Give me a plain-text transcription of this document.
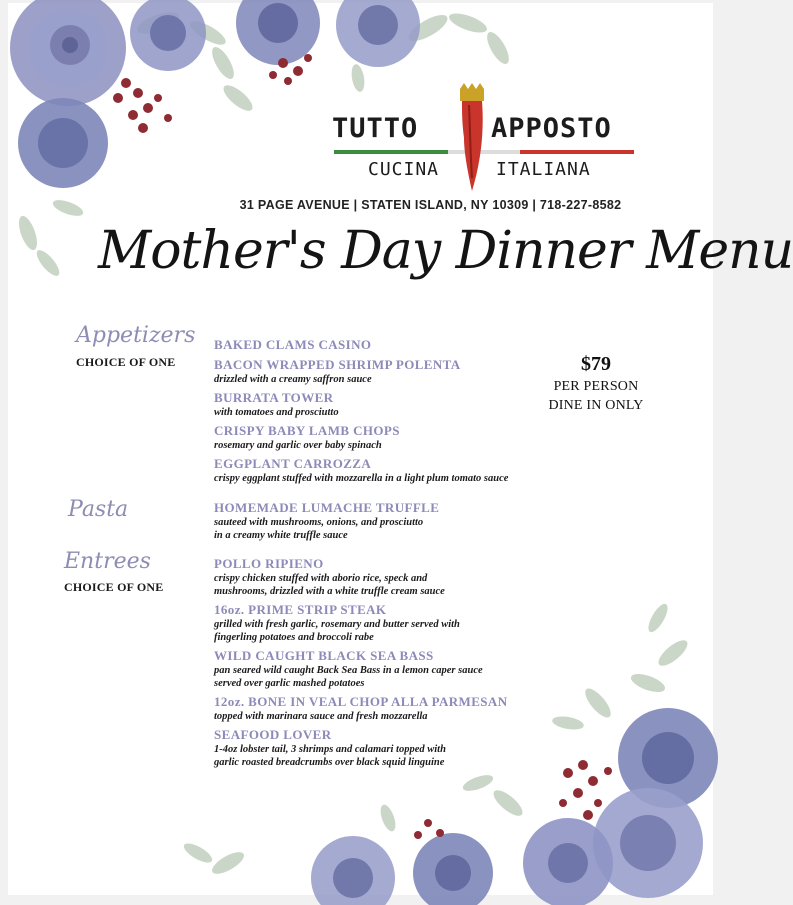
TUTTO	APPOSTO
CUCINA	ITALIANA
31 PAGE AVENUE | STATEN ISLAND, NY 10309 | 718-227-8582
Mother's Day Dinner Menu
$79
PER PERSON
DINE IN ONLY
Appetizers
CHOICE OF ONE
BAKED CLAMS CASINO
BACON WRAPPED SHRIMP POLENTA
drizzled with a creamy saffron sauce
BURRATA TOWER
with tomatoes and prosciutto
CRISPY BABY LAMB CHOPS
rosemary and garlic over baby spinach
EGGPLANT CARROZZA
crispy eggplant stuffed with mozzarella in a light plum tomato sauce
Pasta	HOMEMADE LUMACHE TRUFFLE
sauteed with mushrooms, onions, and prosciutto
in a creamy white truffle sauce
Entrees
CHOICE OF ONE
POLLO RIPIENO
crispy chicken stuffed with aborio rice, speck and
mushrooms, drizzled with a white truffle cream sauce
16oz. PRIME STRIP STEAK
grilled with fresh garlic, rosemary and butter served with
fingerling potatoes and broccoli rabe
WILD CAUGHT BLACK SEA BASS
pan seared wild caught Back Sea Bass in a lemon caper sauce
served over garlic mashed potatoes
12oz. BONE IN VEAL CHOP ALLA PARMESAN
topped with marinara sauce and fresh mozzarella
SEAFOOD LOVER
1-4oz lobster tail, 3 shrimps and calamari topped with
garlic roasted breadcrumbs over black squid linguine
